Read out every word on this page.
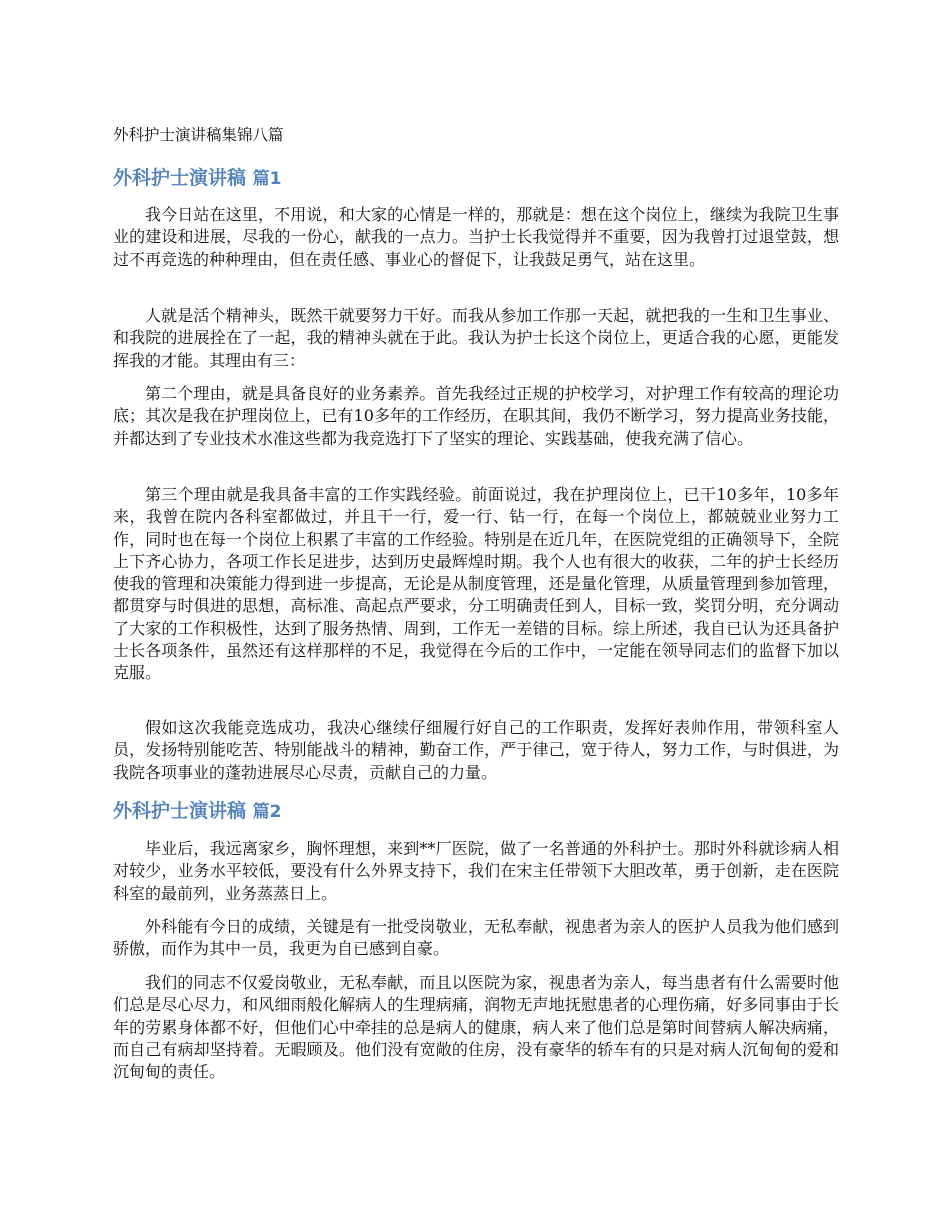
外科护士演讲稿集锦八篇
外科护士演讲稿 篇1

我今日站在这里，不用说，和大家的心情是一样的，那就是：想在这个岗位上，继续为我院卫生事业的建设和进展，尽我的一份心，献我的一点力。当护士长我觉得并不重要，因为我曾打过退堂鼓，想过不再竞选的种种理由，但在责任感、事业心的督促下，让我鼓足勇气，站在这里。

人就是活个精神头，既然干就要努力干好。而我从参加工作那一天起，就把我的一生和卫生事业、和我院的进展拴在了一起，我的精神头就在于此。我认为护士长这个岗位上，更适合我的心愿，更能发挥我的才能。其理由有三：

第二个理由，就是具备良好的业务素养。首先我经过正规的护校学习，对护理工作有较高的理论功底；其次是我在护理岗位上，已有10多年的工作经历，在职其间，我仍不断学习，努力提高业务技能，并都达到了专业技术水准这些都为我竞选打下了坚实的理论、实践基础，使我充满了信心。

第三个理由就是我具备丰富的工作实践经验。前面说过，我在护理岗位上，已干10多年，10多年来，我曾在院内各科室都做过，并且干一行，爱一行、钻一行，在每一个岗位上，都兢兢业业努力工作，同时也在每一个岗位上积累了丰富的工作经验。特别是在近几年，在医院党组的正确领导下，全院上下齐心协力，各项工作长足进步，达到历史最辉煌时期。我个人也有很大的收获，二年的护士长经历使我的管理和决策能力得到进一步提高，无论是从制度管理，还是量化管理，从质量管理到参加管理，都贯穿与时俱进的思想，高标准、高起点严要求，分工明确责任到人，目标一致，奖罚分明，充分调动了大家的工作积极性，达到了服务热情、周到，工作无一差错的目标。综上所述，我自已认为还具备护士长各项条件，虽然还有这样那样的不足，我觉得在今后的工作中，一定能在领导同志们的监督下加以克服。

假如这次我能竞选成功，我决心继续仔细履行好自己的工作职责，发挥好表帅作用，带领科室人员，发扬特别能吃苦、特别能战斗的精神，勤奋工作，严于律己，宽于待人，努力工作，与时俱进，为我院各项事业的蓬勃进展尽心尽责，贡献自己的力量。

外科护士演讲稿 篇2

毕业后，我远离家乡，胸怀理想，来到**厂医院，做了一名普通的外科护士。那时外科就诊病人相对较少，业务水平较低，要没有什么外界支持下，我们在宋主任带领下大胆改革，勇于创新，走在医院科室的最前列，业务蒸蒸日上。

外科能有今日的成绩，关键是有一批受岗敬业，无私奉献，视患者为亲人的医护人员我为他们感到骄傲，而作为其中一员，我更为自已感到自豪。

我们的同志不仅爱岗敬业，无私奉献，而且以医院为家，视患者为亲人，每当患者有什么需要时他们总是尽心尽力，和风细雨般化解病人的生理病痛，润物无声地抚慰患者的心理伤痛，好多同事由于长年的劳累身体都不好，但他们心中牵挂的总是病人的健康，病人来了他们总是第时间替病人解决病痛，而自己有病却坚持着。无暇顾及。他们没有宽敞的住房，没有豪华的轿车有的只是对病人沉甸甸的爱和沉甸甸的责任。
